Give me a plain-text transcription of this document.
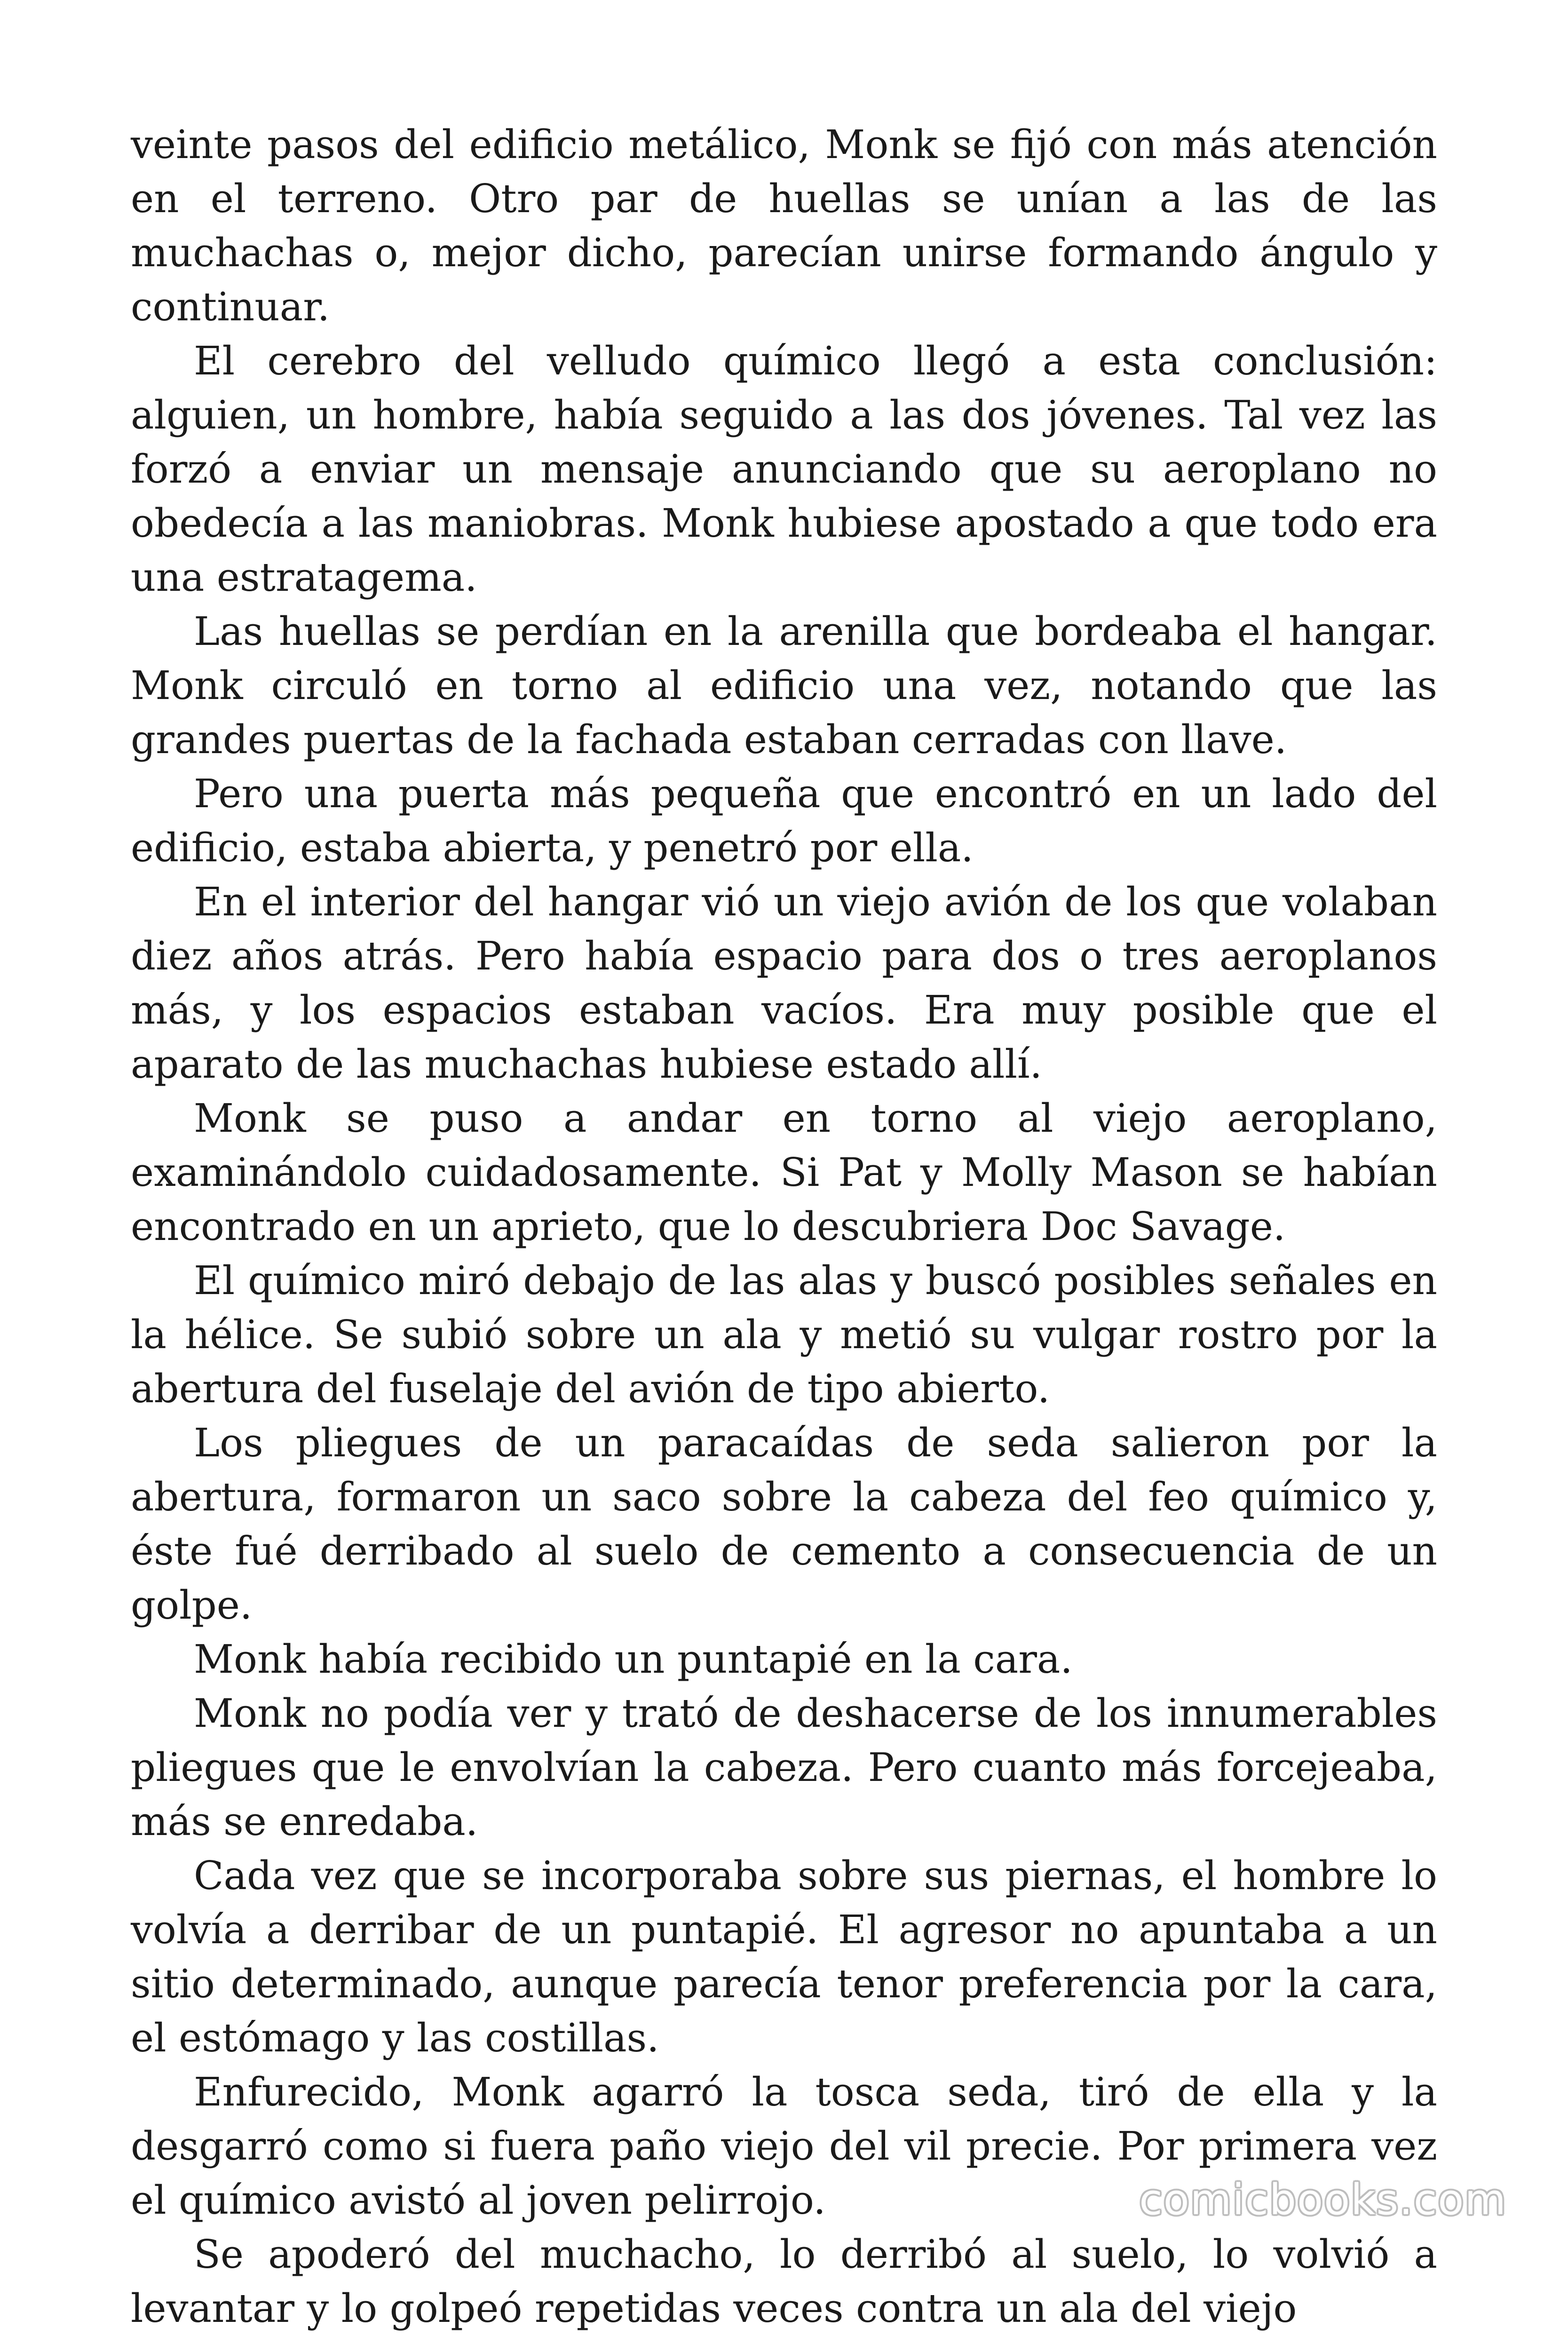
veinte pasos del edificio metálico, Monk se fijó con más atención en el terreno. Otro par de huellas se unían a las de las muchachas o, mejor dicho, parecían unirse formando ángulo y continuar.

El cerebro del velludo químico llegó a esta conclusión: alguien, un hombre, había seguido a las dos jóvenes. Tal vez las forzó a enviar un mensaje anunciando que su aeroplano no obedecía a las maniobras. Monk hubiese apostado a que todo era una estratagema.

Las huellas se perdían en la arenilla que bordeaba el hangar. Monk circuló en torno al edificio una vez, notando que las grandes puertas de la fachada estaban cerradas con llave.

Pero una puerta más pequeña que encontró en un lado del edificio, estaba abierta, y penetró por ella.

En el interior del hangar vió un viejo avión de los que volaban diez años atrás. Pero había espacio para dos o tres aeroplanos más, y los espacios estaban vacíos. Era muy posible que el aparato de las muchachas hubiese estado allí.

Monk se puso a andar en torno al viejo aeroplano, examinándolo cuidadosamente. Si Pat y Molly Mason se habían encontrado en un aprieto, que lo descubriera Doc Savage.

El químico miró debajo de las alas y buscó posibles señales en la hélice. Se subió sobre un ala y metió su vulgar rostro por la abertura del fuselaje del avión de tipo abierto.

Los pliegues de un paracaídas de seda salieron por la abertura, formaron un saco sobre la cabeza del feo químico y, éste fué derribado al suelo de cemento a consecuencia de un golpe.

Monk había recibido un puntapié en la cara.

Monk no podía ver y trató de deshacerse de los innumerables pliegues que le envolvían la cabeza. Pero cuanto más forcejeaba, más se enredaba.

Cada vez que se incorporaba sobre sus piernas, el hombre lo volvía a derribar de un puntapié. El agresor no apuntaba a un sitio determinado, aunque parecía tenor preferencia por la cara, el estómago y las costillas.

Enfurecido, Monk agarró la tosca seda, tiró de ella y la desgarró como si fuera paño viejo del vil precie. Por primera vez el químico avistó al joven pelirrojo.

Se apoderó del muchacho, lo derribó al suelo, lo volvió a levantar y lo golpeó repetidas veces contra un ala del viejo

comicbooks.com
